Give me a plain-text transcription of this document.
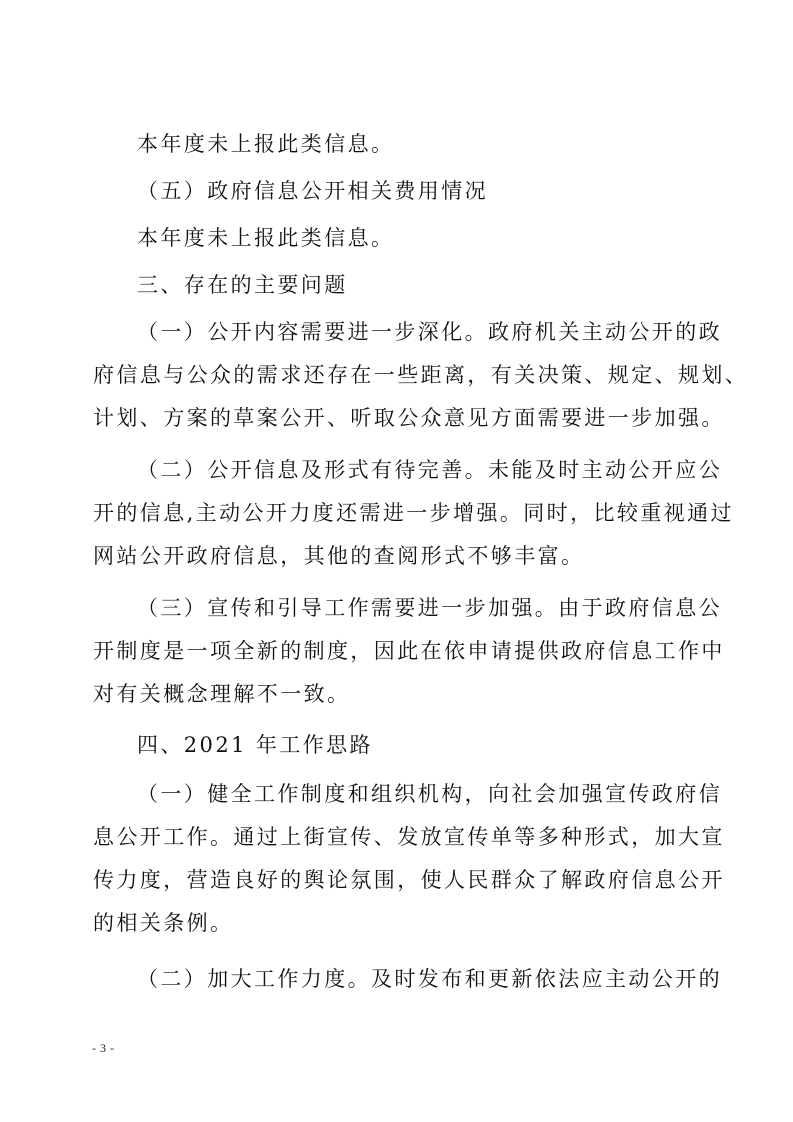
本年度未上报此类信息。

（五）政府信息公开相关费用情况

本年度未上报此类信息。

三、存在的主要问题

（一）公开内容需要进一步深化。政府机关主动公开的政
府信息与公众的需求还存在一些距离，有关决策、规定、规划、
计划、方案的草案公开、听取公众意见方面需要进一步加强。

（二）公开信息及形式有待完善。未能及时主动公开应公
开的信息,主动公开力度还需进一步增强。同时，比较重视通过
网站公开政府信息，其他的查阅形式不够丰富。

（三）宣传和引导工作需要进一步加强。由于政府信息公
开制度是一项全新的制度，因此在依申请提供政府信息工作中
对有关概念理解不一致。

四、2021 年工作思路

（一）健全工作制度和组织机构，向社会加强宣传政府信
息公开工作。通过上街宣传、发放宣传单等多种形式，加大宣
传力度，营造良好的舆论氛围，使人民群众了解政府信息公开
的相关条例。

（二）加大工作力度。及时发布和更新依法应主动公开的

- 3 -
